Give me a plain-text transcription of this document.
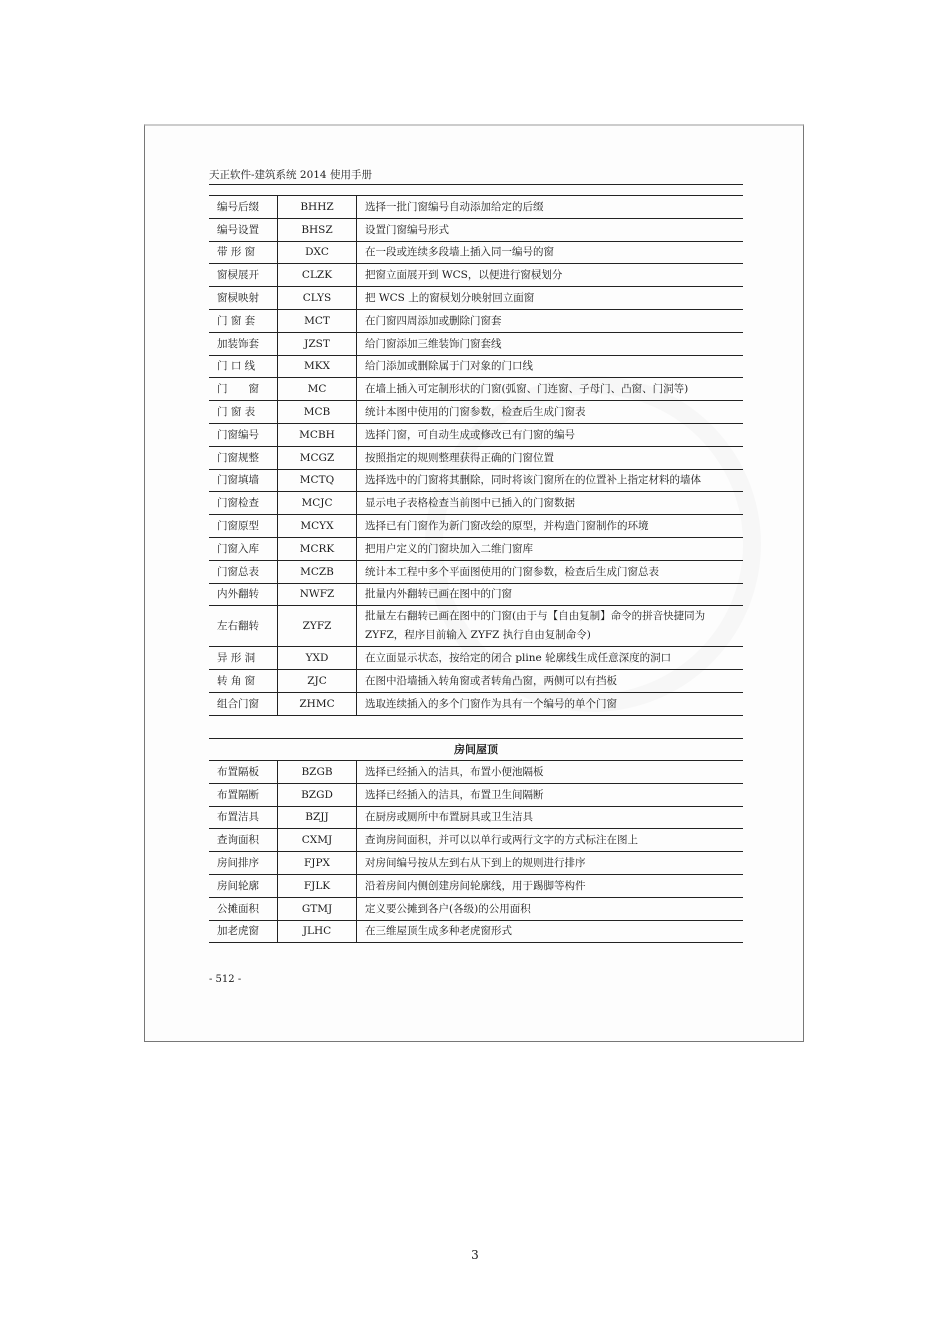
天正软件-建筑系统 2014 使用手册
编号后缀	BHHZ	选择一批门窗编号自动添加给定的后缀
编号设置	BHSZ	设置门窗编号形式
带 形 窗	DXC	在一段或连续多段墙上插入同一编号的窗
窗棂展开	CLZK	把窗立面展开到 WCS，以便进行窗棂划分
窗棂映射	CLYS	把 WCS 上的窗棂划分映射回立面窗
门 窗 套	MCT	在门窗四周添加或删除门窗套
加装饰套	JZST	给门窗添加三维装饰门窗套线
门 口 线	MKX	给门添加或删除属于门对象的门口线
门　　窗	MC	在墙上插入可定制形状的门窗(弧窗、门连窗、子母门、凸窗、门洞等)
门 窗 表	MCB	统计本图中使用的门窗参数，检查后生成门窗表
门窗编号	MCBH	选择门窗，可自动生成或修改已有门窗的编号
门窗规整	MCGZ	按照指定的规则整理获得正确的门窗位置
门窗填墙	MCTQ	选择选中的门窗将其删除，同时将该门窗所在的位置补上指定材料的墙体
门窗检查	MCJC	显示电子表格检查当前图中已插入的门窗数据
门窗原型	MCYX	选择已有门窗作为新门窗改绘的原型，并构造门窗制作的环境
门窗入库	MCRK	把用户定义的门窗块加入二维门窗库
门窗总表	MCZB	统计本工程中多个平面图使用的门窗参数，检查后生成门窗总表
内外翻转	NWFZ	批量内外翻转已画在图中的门窗
左右翻转	ZYFZ	批量左右翻转已画在图中的门窗(由于与【自由复制】命令的拼音快捷同为 ZYFZ，程序目前输入 ZYFZ 执行自由复制命令)
异 形 洞	YXD	在立面显示状态，按给定的闭合 pline 轮廓线生成任意深度的洞口
转 角 窗	ZJC	在图中沿墙插入转角窗或者转角凸窗，两侧可以有挡板
组合门窗	ZHMC	选取连续插入的多个门窗作为具有一个编号的单个门窗
房间屋顶
布置隔板	BZGB	选择已经插入的洁具，布置小便池隔板
布置隔断	BZGD	选择已经插入的洁具，布置卫生间隔断
布置洁具	BZJJ	在厨房或厕所中布置厨具或卫生洁具
查询面积	CXMJ	查询房间面积，并可以以单行或两行文字的方式标注在图上
房间排序	FJPX	对房间编号按从左到右从下到上的规则进行排序
房间轮廓	FJLK	沿着房间内侧创建房间轮廓线，用于踢脚等构件
公摊面积	GTMJ	定义要公摊到各户(各级)的公用面积
加老虎窗	JLHC	在三维屋顶生成多种老虎窗形式
- 512 -
3
